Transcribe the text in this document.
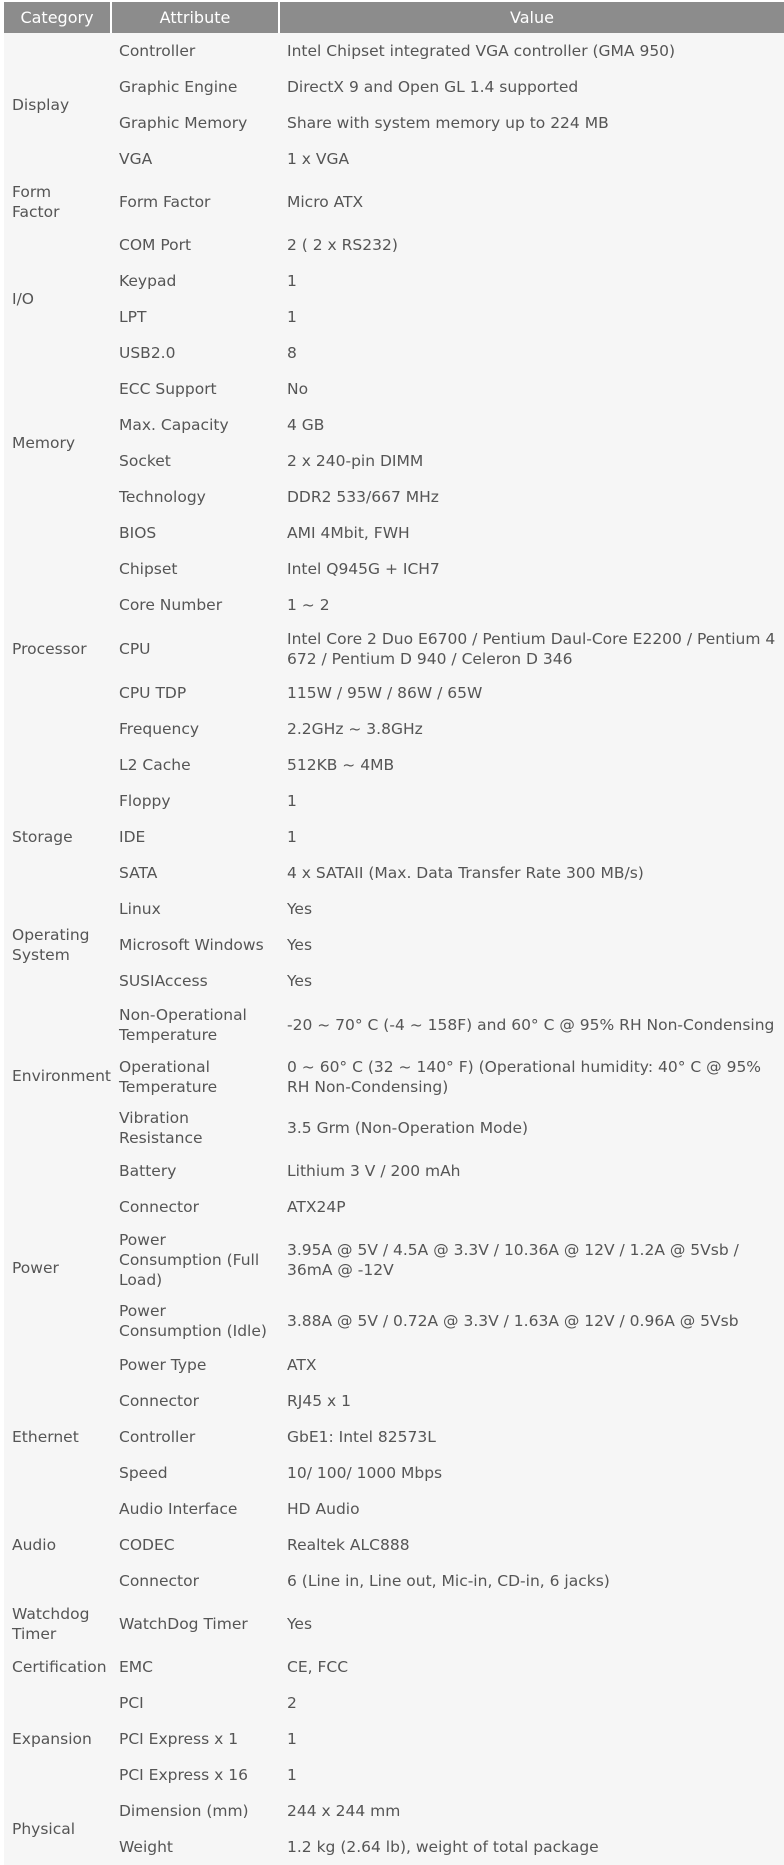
Category	Attribute	Value
Display	Controller	Intel Chipset integrated VGA controller (GMA 950)
	Graphic Engine	DirectX 9 and Open GL 1.4 supported
	Graphic Memory	Share with system memory up to 224 MB
	VGA	1 x VGA
Form Factor	Form Factor	Micro ATX
I/O	COM Port	2 ( 2 x RS232)
	Keypad	1
	LPT	1
	USB2.0	8
Memory	ECC Support	No
	Max. Capacity	4 GB
	Socket	2 x 240-pin DIMM
	Technology	DDR2 533/667 MHz
Processor	BIOS	AMI 4Mbit, FWH
	Chipset	Intel Q945G + ICH7
	Core Number	1 ~ 2
	CPU	Intel Core 2 Duo E6700 / Pentium Daul-Core E2200 / Pentium 4 672 / Pentium D 940 / Celeron D 346
	CPU TDP	115W / 95W / 86W / 65W
	Frequency	2.2GHz ~ 3.8GHz
	L2 Cache	512KB ~ 4MB
Storage	Floppy	1
	IDE	1
	SATA	4 x SATAII (Max. Data Transfer Rate 300 MB/s)
Operating System	Linux	Yes
	Microsoft Windows	Yes
	SUSIAccess	Yes
Environment	Non-Operational Temperature	-20 ~ 70° C (-4 ~ 158F) and 60° C @ 95% RH Non-Condensing
	Operational Temperature	0 ~ 60° C (32 ~ 140° F) (Operational humidity: 40° C @ 95% RH Non-Condensing)
	Vibration Resistance	3.5 Grm (Non-Operation Mode)
Power	Battery	Lithium 3 V / 200 mAh
	Connector	ATX24P
	Power Consumption (Full Load)	3.95A @ 5V / 4.5A @ 3.3V / 10.36A @ 12V / 1.2A @ 5Vsb / 36mA @ -12V
	Power Consumption (Idle)	3.88A @ 5V / 0.72A @ 3.3V / 1.63A @ 12V / 0.96A @ 5Vsb
	Power Type	ATX
Ethernet	Connector	RJ45 x 1
	Controller	GbE1: Intel 82573L
	Speed	10/ 100/ 1000 Mbps
Audio	Audio Interface	HD Audio
	CODEC	Realtek ALC888
	Connector	6 (Line in, Line out, Mic-in, CD-in, 6 jacks)
Watchdog Timer	WatchDog Timer	Yes
Certification	EMC	CE, FCC
Expansion	PCI	2
	PCI Express x 1	1
	PCI Express x 16	1
Physical	Dimension (mm)	244 x 244 mm
	Weight	1.2 kg (2.64 lb), weight of total package
